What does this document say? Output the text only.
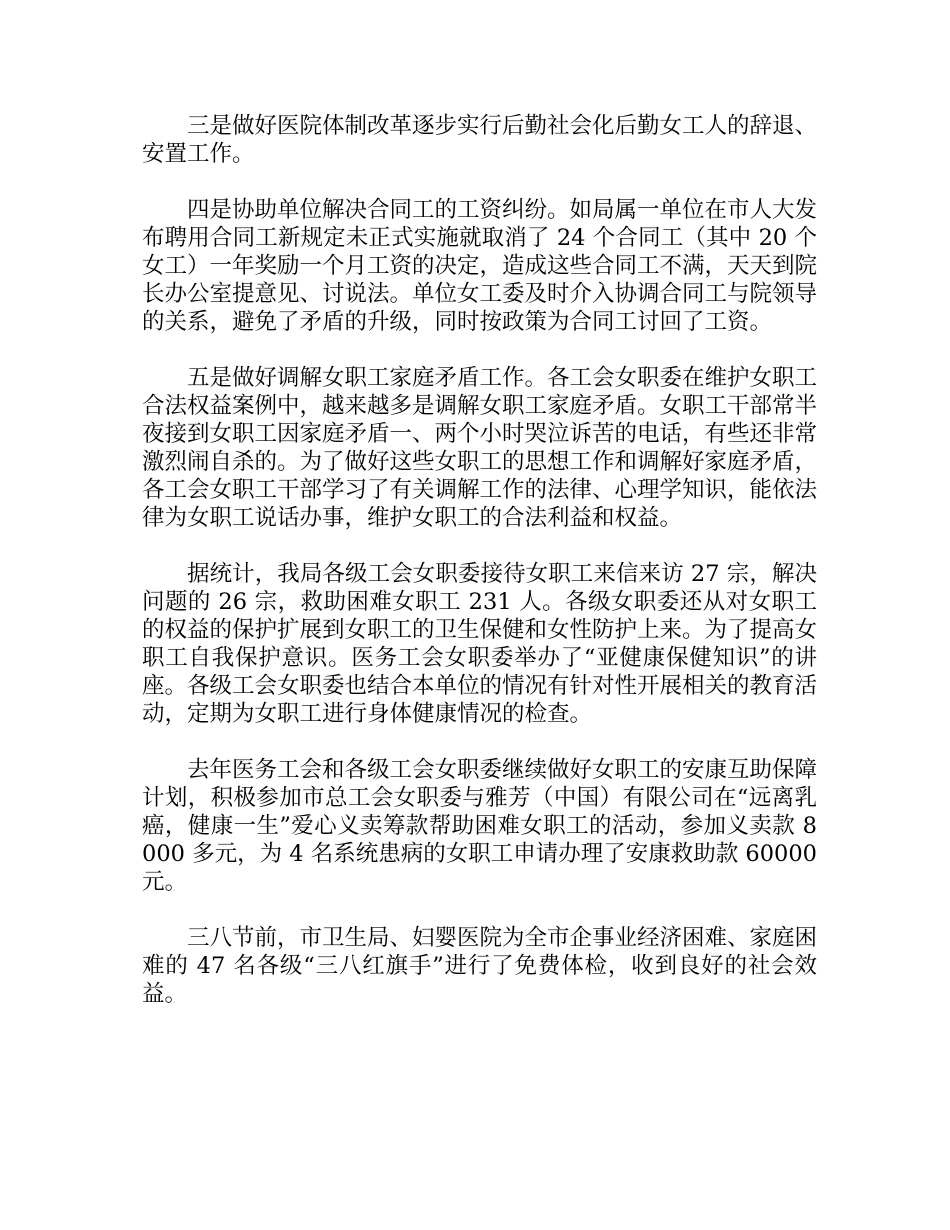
三是做好医院体制改革逐步实行后勤社会化后勤女工人的辞退、安置工作。

四是协助单位解决合同工的工资纠纷。如局属一单位在市人大发布聘用合同工新规定未正式实施就取消了 24 个合同工（其中 20 个女工）一年奖励一个月工资的决定，造成这些合同工不满，天天到院长办公室提意见、讨说法。单位女工委及时介入协调合同工与院领导的关系，避免了矛盾的升级，同时按政策为合同工讨回了工资。

五是做好调解女职工家庭矛盾工作。各工会女职委在维护女职工合法权益案例中，越来越多是调解女职工家庭矛盾。女职工干部常半夜接到女职工因家庭矛盾一、两个小时哭泣诉苦的电话，有些还非常激烈闹自杀的。为了做好这些女职工的思想工作和调解好家庭矛盾，各工会女职工干部学习了有关调解工作的法律、心理学知识，能依法律为女职工说话办事，维护女职工的合法利益和权益。

据统计，我局各级工会女职委接待女职工来信来访 27 宗，解决问题的 26 宗，救助困难女职工 231 人。各级女职委还从对女职工的权益的保护扩展到女职工的卫生保健和女性防护上来。为了提高女职工自我保护意识。医务工会女职委举办了“亚健康保健知识”的讲座。各级工会女职委也结合本单位的情况有针对性开展相关的教育活动，定期为女职工进行身体健康情况的检查。

去年医务工会和各级工会女职委继续做好女职工的安康互助保障计划，积极参加市总工会女职委与雅芳（中国）有限公司在“远离乳癌，健康一生”爱心义卖筹款帮助困难女职工的活动，参加义卖款 8000 多元，为 4 名系统患病的女职工申请办理了安康救助款 60000 元。

三八节前，市卫生局、妇婴医院为全市企事业经济困难、家庭困难的 47 名各级“三八红旗手”进行了免费体检，收到良好的社会效益。
